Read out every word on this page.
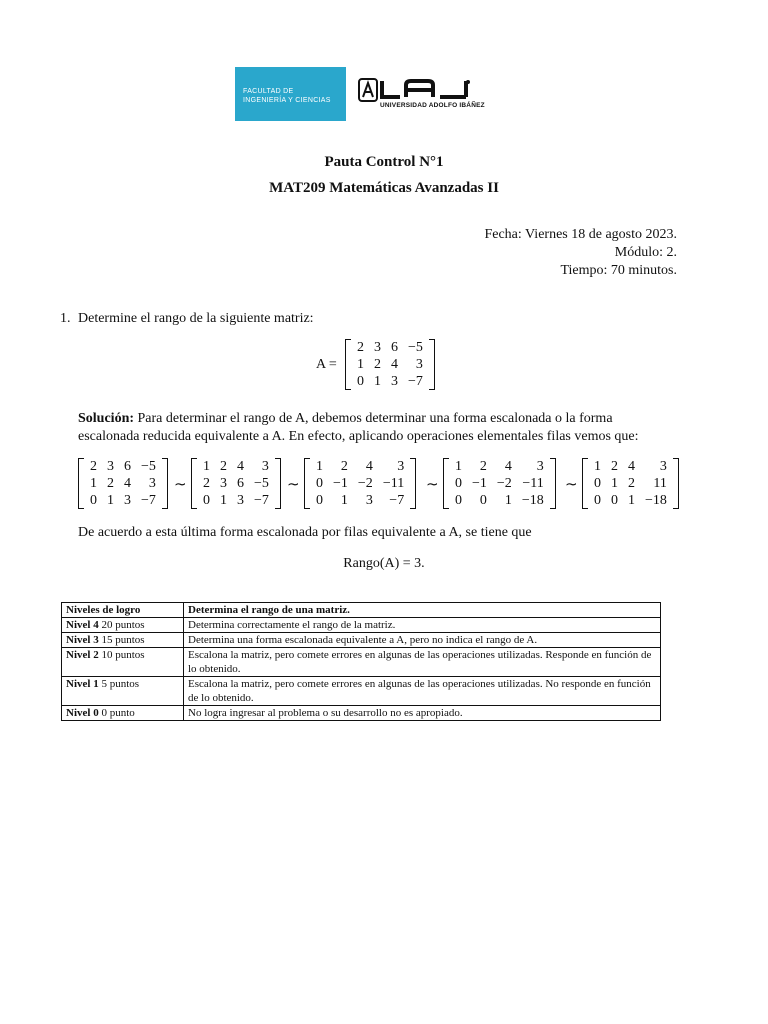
FACULTAD DE
INGENIERÍA Y CIENCIAS
UNIVERSIDAD ADOLFO IBÁÑEZ
Pauta Control N°1
MAT209 Matemáticas Avanzadas II
Fecha: Viernes 18 de agosto 2023.
Módulo: 2.
Tiempo: 70 minutos.
1. Determine el rango de la siguiente matriz:
A =
2	3	6	−5
1	2	4	3
0	1	3	−7
Solución: Para determinar el rango de A, debemos determinar una forma escalonada o la forma
escalonada reducida equivalente a A. En efecto, aplicando operaciones elementales filas vemos que:
2	3	6	−5
1	2	4	3
0	1	3	−7
1	2	4	3
2	3	6	−5
0	1	3	−7
1	2	4	3
0	−1	−2	−11
0	1	3	−7
1	2	4	3
0	−1	−2	−11
0	0	1	−18
1	2	4	3
0	1	2	11
0	0	1	−18
∼	∼	∼	∼
De acuerdo a esta última forma escalonada por filas equivalente a A, se tiene que
Rango(A) = 3.
Niveles de logro	Determina el rango de una matriz.
Nivel 4 20 puntos	Determina correctamente el rango de la matriz.
Nivel 3 15 puntos	Determina una forma escalonada equivalente a A, pero no indica el rango de A.
Nivel 2 10 puntos	Escalona la matriz, pero comete errores en algunas de las operaciones utilizadas. Responde en función de lo obtenido.
Nivel 1 5 puntos	Escalona la matriz, pero comete errores en algunas de las operaciones utilizadas. No responde en función de lo obtenido.
Nivel 0 0 punto	No logra ingresar al problema o su desarrollo no es apropiado.
